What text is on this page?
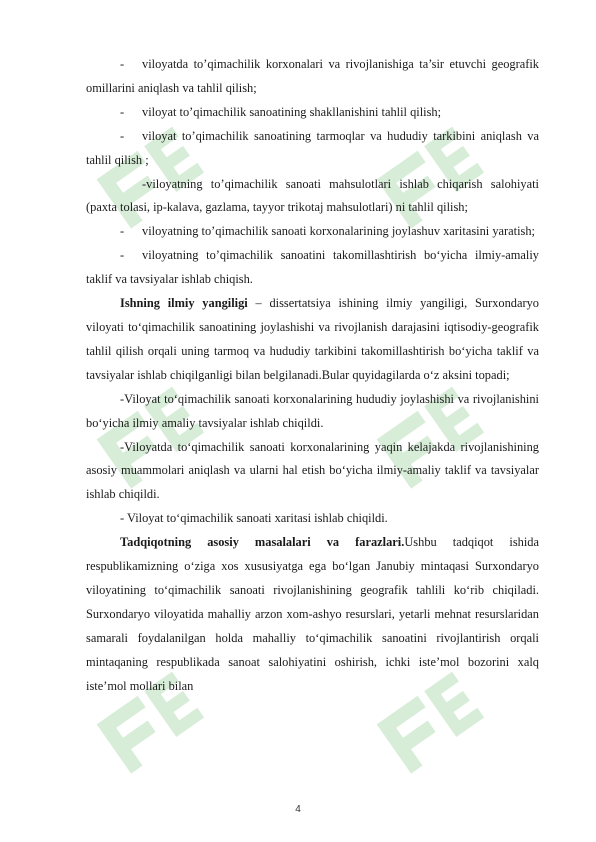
- viloyatda to’qimachilik korxonalari va rivojlanishiga ta’sir etuvchi geografik omillarini aniqlash va tahlil qilish;

- viloyat to’qimachilik sanoatining shakllanishini tahlil qilish;

- viloyat to’qimachilik sanoatining tarmoqlar va hududiy tarkibini aniqlash va tahlil qilish ;

-viloyatning to’qimachilik sanoati mahsulotlari ishlab chiqarish salohiyati (paxta tolasi, ip-kalava, gazlama, tayyor trikotaj mahsulotlari) ni tahlil qilish;

- viloyatning to’qimachilik sanoati korxonalarining joylashuv xaritasini yaratish;

- viloyatning to’qimachilik sanoatini takomillashtirish bo‘yicha ilmiy-amaliy taklif va tavsiyalar ishlab chiqish.

Ishning ilmiy yangiligi – dissertatsiya ishining ilmiy yangiligi, Surxondaryo viloyati to‘qimachilik sanoatining joylashishi va rivojlanish darajasini iqtisodiy-geografik tahlil qilish orqali uning tarmoq va hududiy tarkibini takomillashtirish bo‘yicha taklif va tavsiyalar ishlab chiqilganligi bilan belgilanadi.Bular quyidagilarda o‘z aksini topadi;

-Viloyat to‘qimachilik sanoati korxonalarining hududiy joylashishi va rivojlanishini bo‘yicha ilmiy amaliy tavsiyalar ishlab chiqildi.

-Viloyatda to‘qimachilik sanoati korxonalarining yaqin kelajakda rivojlanishining asosiy muammolari aniqlash va ularni hal etish bo‘yicha ilmiy-amaliy taklif va tavsiyalar ishlab chiqildi.

- Viloyat to‘qimachilik sanoati xaritasi ishlab chiqildi.

Tadqiqotning asosiy masalalari va farazlari.Ushbu tadqiqot ishida respublikamizning o‘ziga xos xususiyatga ega bo‘lgan Janubiy mintaqasi Surxondaryo viloyatining to‘qimachilik sanoati rivojlanishining geografik tahlili ko‘rib chiqiladi. Surxondaryo viloyatida mahalliy arzon xom-ashyo resurslari, yetarli mehnat resurslaridan samarali foydalanilgan holda mahalliy to‘qimachilik sanoatini rivojlantirish orqali mintaqaning respublikada sanoat salohiyatini oshirish, ichki iste’mol bozorini xalq iste’mol mollari bilan

4
